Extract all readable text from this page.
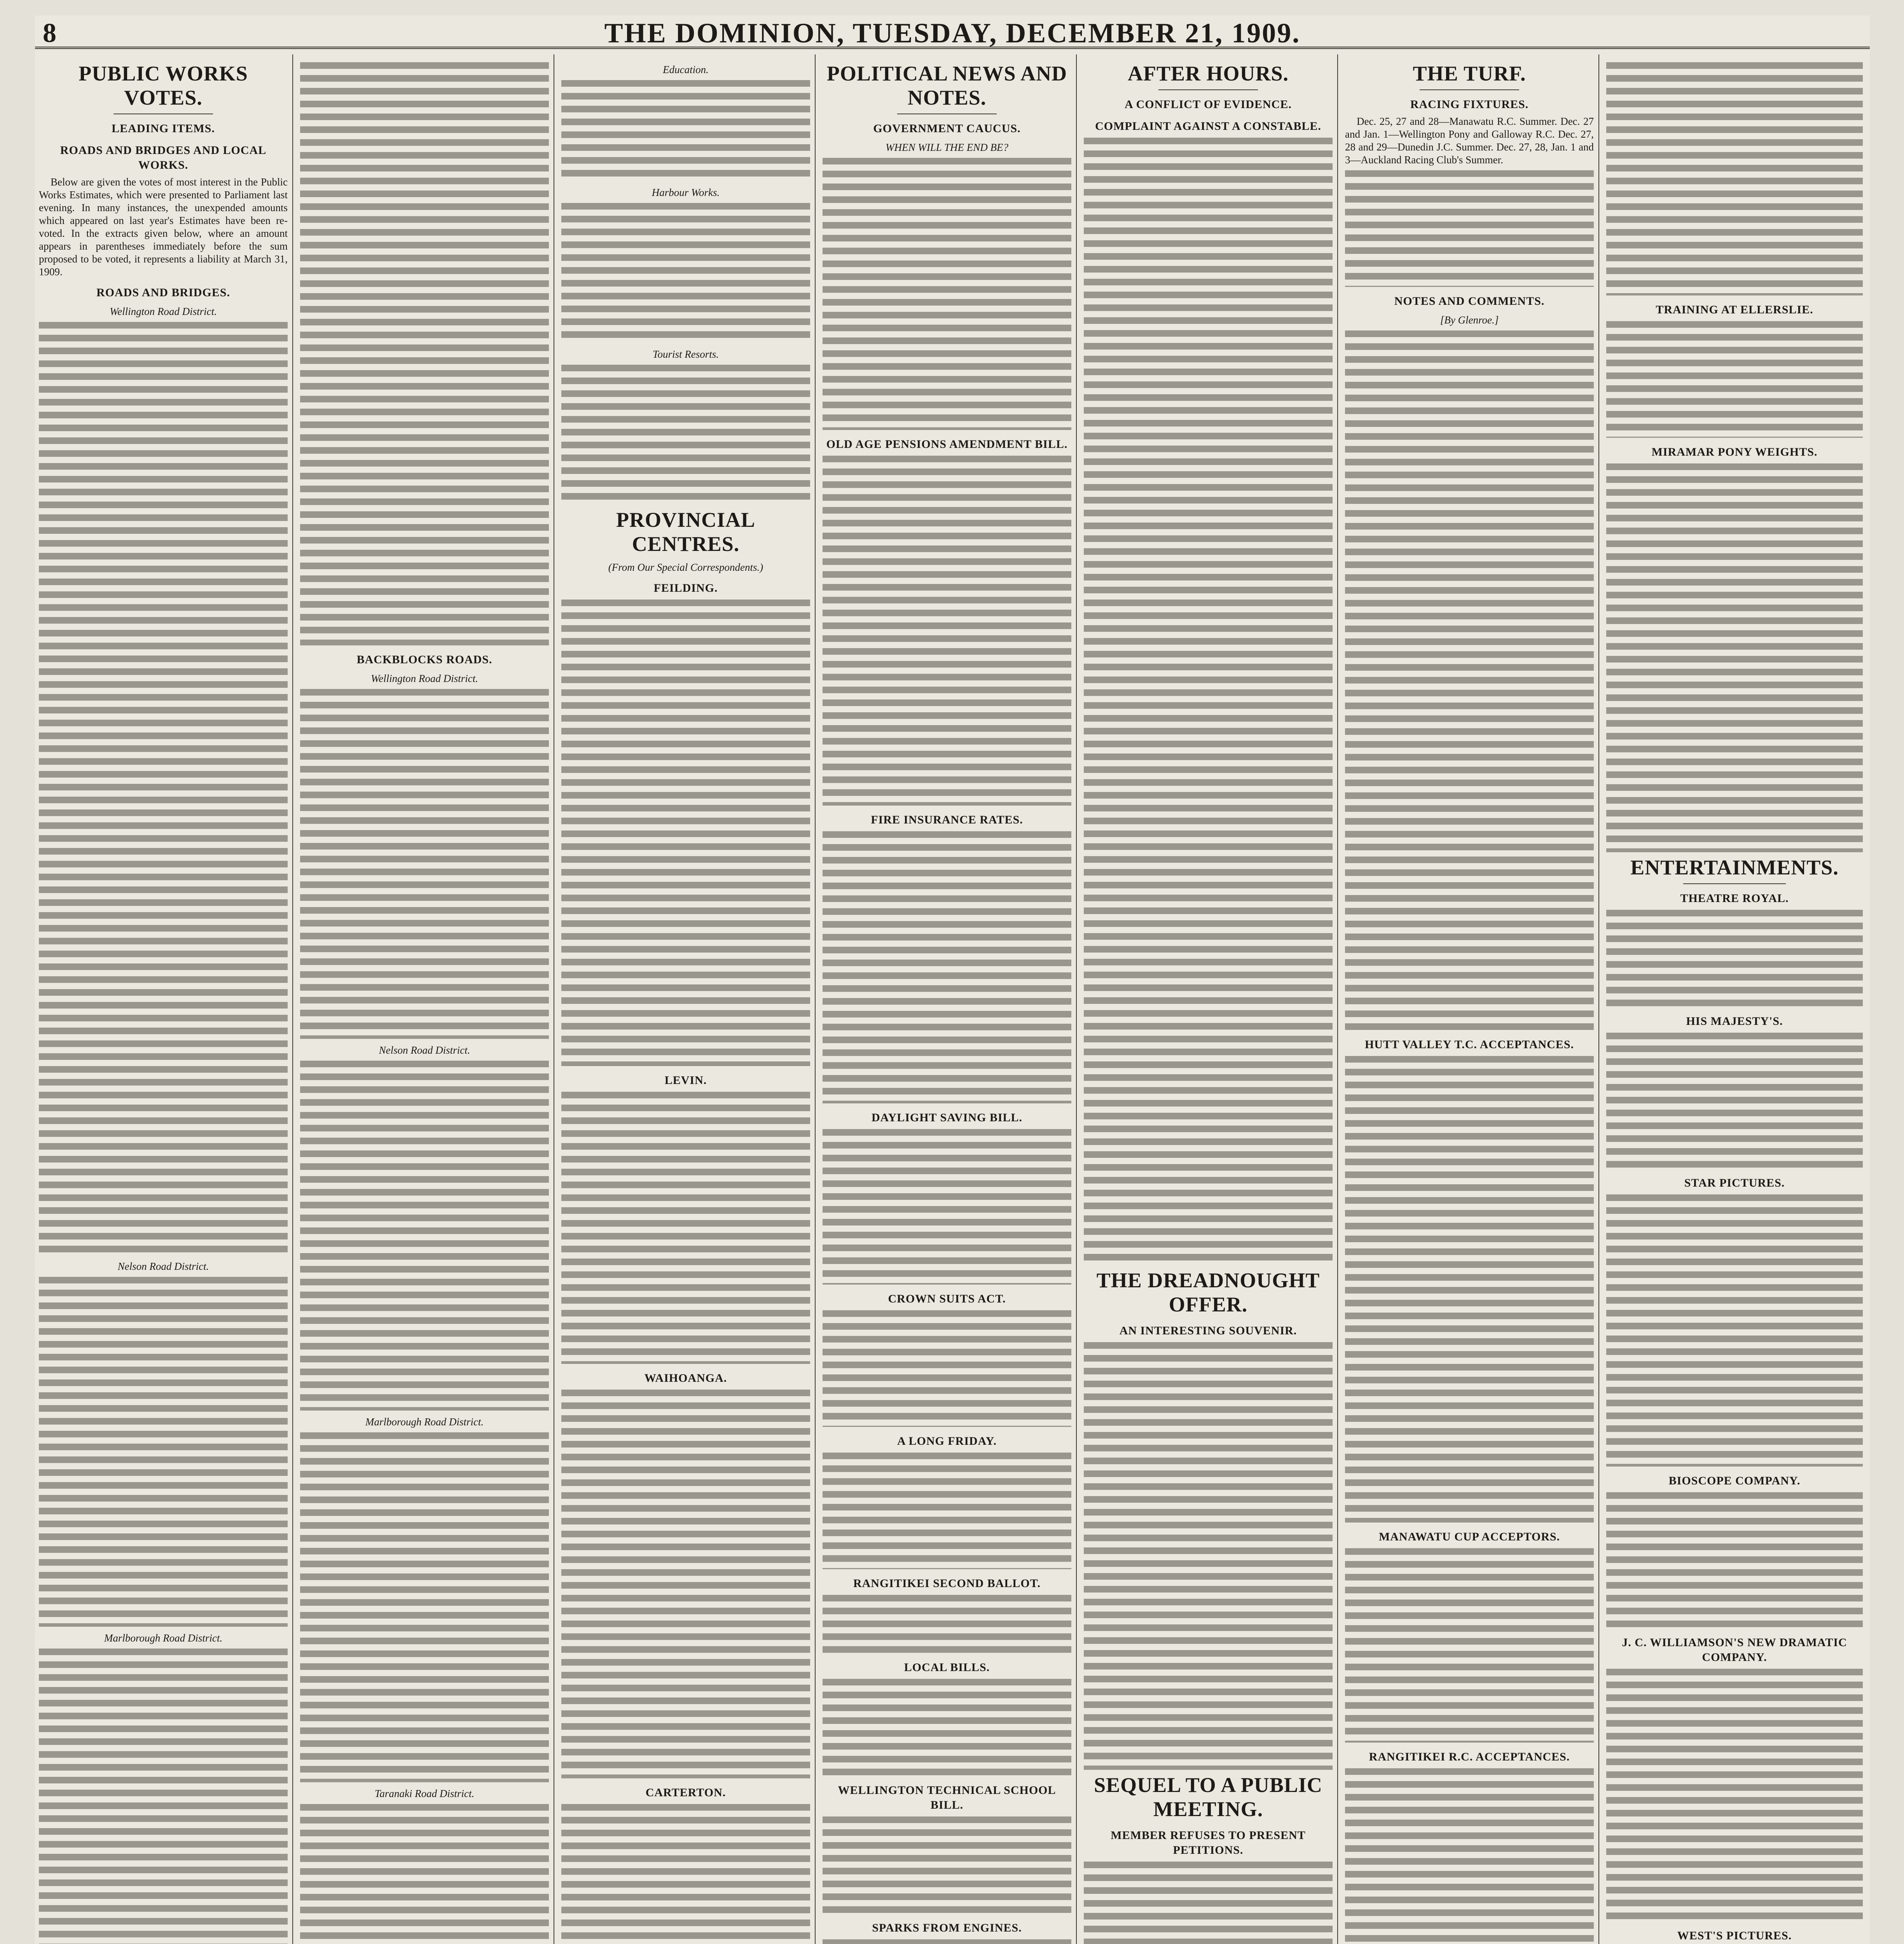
8	THE DOMINION, TUESDAY, DECEMBER 21, 1909.
PUBLIC WORKS VOTES.
LEADING ITEMS.
ROADS AND BRIDGES AND LOCAL WORKS.

Below are given the votes of most interest in the Public Works Estimates, which were presented to Parliament last evening. In many instances, the unexpended amounts which appeared on last year's Estimates have been re-voted. In the extracts given below, where an amount appears in parentheses immediately before the sum proposed to be voted, it represents a liability at March 31, 1909.

ROADS AND BRIDGES.
Wellington Road District.
Nelson Road District.
Marlborough Road District.
BACKBLOCKS ROADS.
Wellington Road District.
Nelson Road District.
Marlborough Road District.
Taranaki Road District.
Education.
Harbour Works.
Tourist Resorts.
PROVINCIAL CENTRES.
(From Our Special Correspondents.)
FEILDING.
LEVIN.
WAIHOANGA.
CARTERTON.
POLITICAL NEWS AND NOTES.
GOVERNMENT CAUCUS.
WHEN WILL THE END BE?
OLD AGE PENSIONS AMENDMENT BILL.
FIRE INSURANCE RATES.
DAYLIGHT SAVING BILL.
CROWN SUITS ACT.
A LONG FRIDAY.
RANGITIKEI SECOND BALLOT.
LOCAL BILLS.
WELLINGTON TECHNICAL SCHOOL BILL.
SPARKS FROM ENGINES.
AFTER HOURS.
A CONFLICT OF EVIDENCE.
COMPLAINT AGAINST A CONSTABLE.
THE DREADNOUGHT OFFER.
AN INTERESTING SOUVENIR.
SEQUEL TO A PUBLIC MEETING.
MEMBER REFUSES TO PRESENT PETITIONS.
THE TURF.
RACING FIXTURES.

Dec. 25, 27 and 28—Manawatu R.C. Summer. Dec. 27 and Jan. 1—Wellington Pony and Galloway R.C. Dec. 27, 28 and 29—Dunedin J.C. Summer. Dec. 27, 28, Jan. 1 and 3—Auckland Racing Club's Summer.

NOTES AND COMMENTS.
[By Glenroe.]
HUTT VALLEY T.C. ACCEPTANCES.
MANAWATU CUP ACCEPTORS.
RANGITIKEI R.C. ACCEPTANCES.
TRAINING AT ELLERSLIE.
MIRAMAR PONY WEIGHTS.
ENTERTAINMENTS.
THEATRE ROYAL.
HIS MAJESTY'S.
STAR PICTURES.
BIOSCOPE COMPANY.
J. C. WILLIAMSON'S NEW DRAMATIC COMPANY.
WEST'S PICTURES.
